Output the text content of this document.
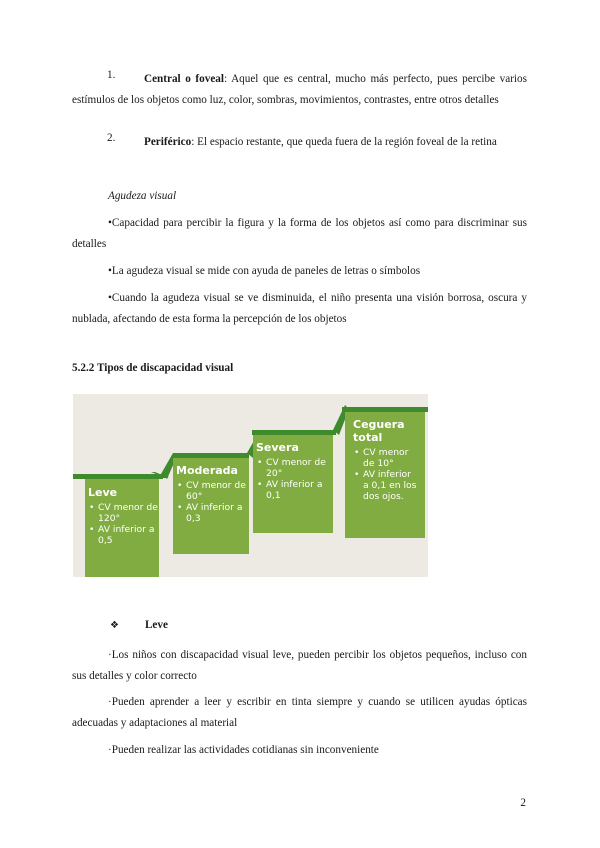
1.	Central o foveal: Aquel que es central, mucho más perfecto, pues percibe varios estímulos de los objetos como luz, color, sombras, movimientos, contrastes, entre otros detalles
2.	Periférico: El espacio restante, que queda fuera de la región foveal de la retina
Agudeza visual
•Capacidad para percibir la figura y la forma de los objetos así como para discriminar sus detalles
•La agudeza visual se mide con ayuda de paneles de letras o símbolos
•Cuando la agudeza visual se ve disminuida, el niño presenta una visión borrosa, oscura y nublada, afectando de esta forma la percepción de los objetos
5.2.2 Tipos de discapacidad visual
Leve
• CV menor de 120°
• AV inferior a 0,5
Moderada
• CV menor de 60°
• AV inferior a 0,3
Severa
• CV menor de 20°
• AV inferior a 0,1
Ceguera total
• CV menor de 10°
• AV inferior a 0,1 en los dos ojos.
❖ Leve
·Los niños con discapacidad visual leve, pueden percibir los objetos pequeños, incluso con sus detalles y color correcto
·Pueden aprender a leer y escribir en tinta siempre y cuando se utilicen ayudas ópticas adecuadas y adaptaciones al material
·Pueden realizar las actividades cotidianas sin inconveniente
2
